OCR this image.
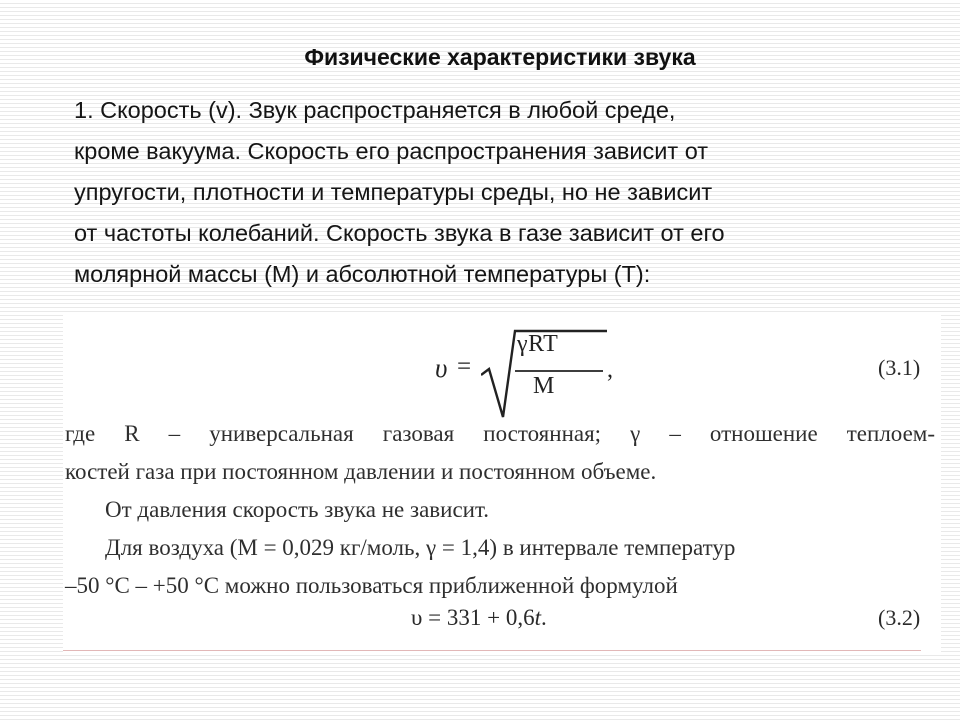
Физические характеристики звука
1. Скорость (v). Звук распространяется в любой среде,
кроме вакуума. Скорость его распространения зависит от
упругости, плотности и температуры среды, но не зависит
от частоты колебаний. Скорость звука в газе зависит от его
молярной массы (M) и абсолютной температуры (T):
υ =
γRT
M
,	(3.1)
где R – универсальная газовая постоянная; γ – отношение теплоем-
костей газа при постоянном давлении и постоянном объеме.
От давления скорость звука не зависит.
Для воздуха (M = 0,029 кг/моль, γ = 1,4) в интервале температур
–50 °С – +50 °С можно пользоваться приближенной формулой
υ = 331 + 0,6t.	(3.2)
